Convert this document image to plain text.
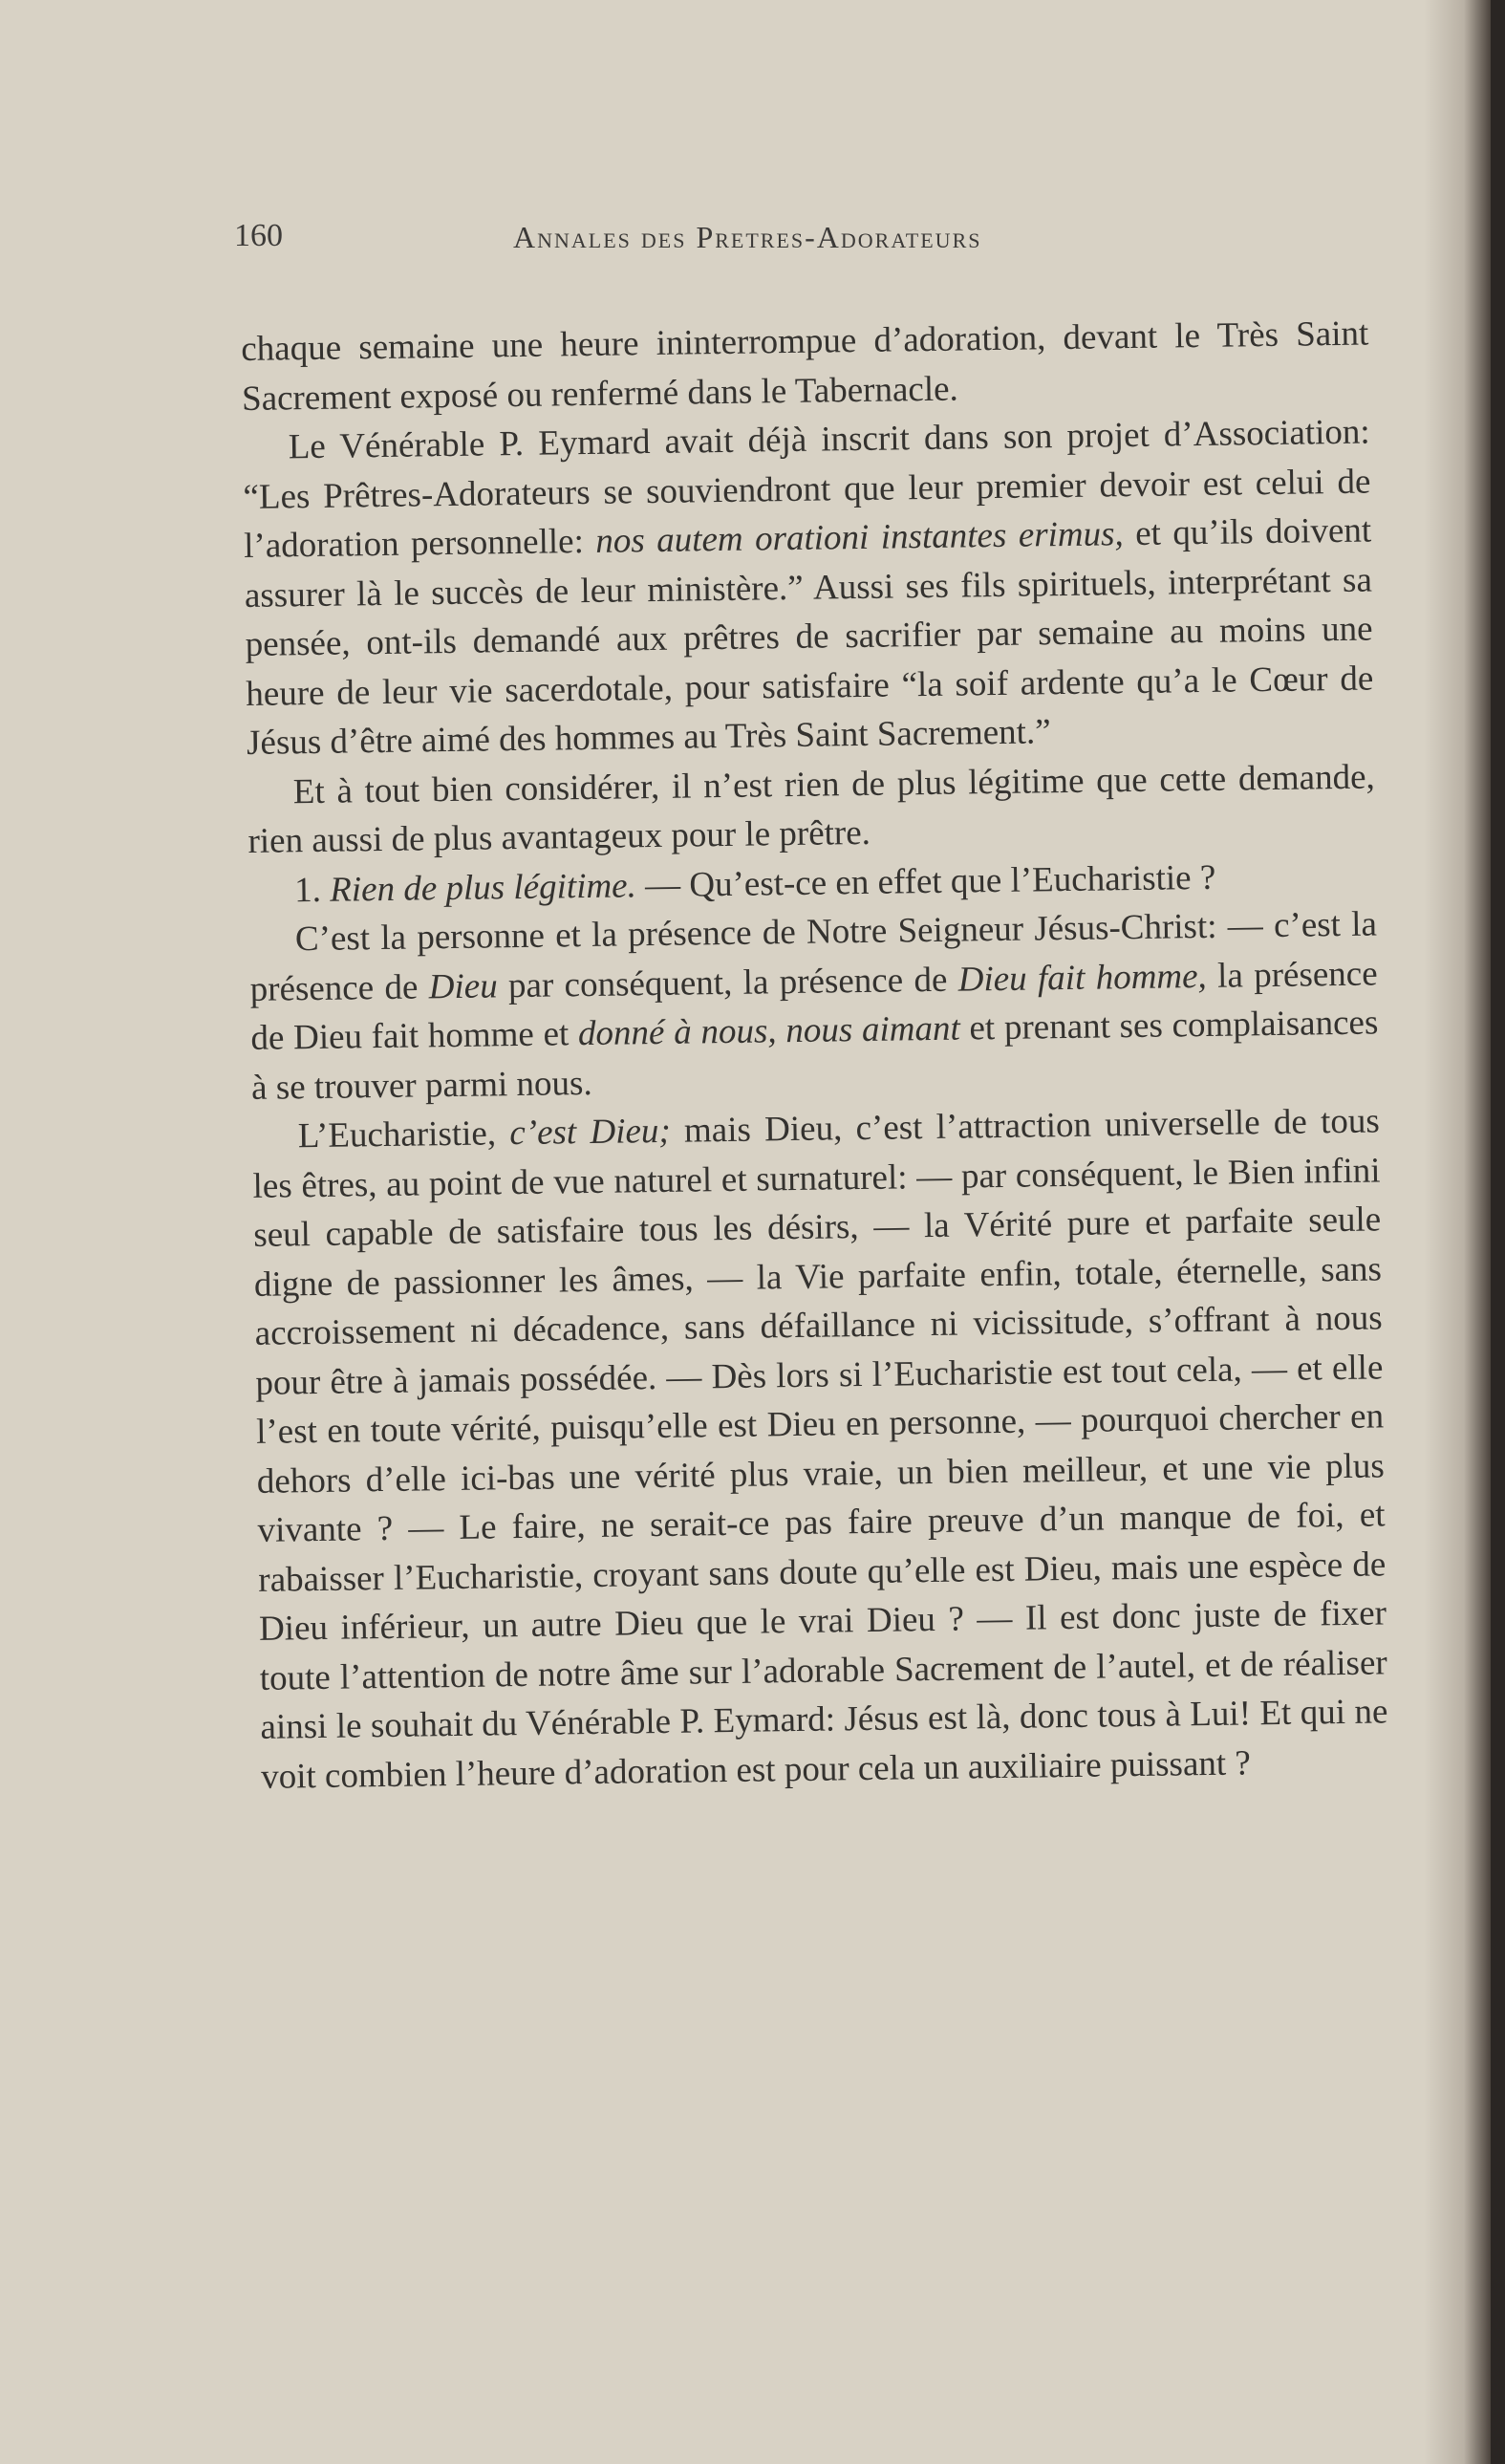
160	Annales des Pretres-Adorateurs

chaque semaine une heure ininterrompue d’adoration, devant le Très Saint Sacrement exposé ou renfermé dans le Tabernacle.

Le Vénérable P. Eymard avait déjà inscrit dans son projet d’Association: “Les Prêtres-Adorateurs se souviendront que leur premier devoir est celui de l’adoration personnelle: nos autem orationi instantes erimus, et qu’ils doivent assurer là le succès de leur ministère.” Aussi ses fils spirituels, interprétant sa pensée, ont-ils demandé aux prêtres de sacrifier par semaine au moins une heure de leur vie sacerdotale, pour satisfaire “la soif ardente qu’a le Cœur de Jésus d’être aimé des hommes au Très Saint Sacrement.”

Et à tout bien considérer, il n’est rien de plus légitime que cette demande, rien aussi de plus avantageux pour le prêtre.

1. Rien de plus légitime. — Qu’est-ce en effet que l’Eucharistie ?

C’est la personne et la présence de Notre Seigneur Jésus-Christ: — c’est la présence de Dieu par conséquent, la présence de Dieu fait homme, la présence de Dieu fait homme et donné à nous, nous aimant et prenant ses complaisances à se trouver parmi nous.

L’Eucharistie, c’est Dieu; mais Dieu, c’est l’attraction universelle de tous les êtres, au point de vue naturel et surnaturel: — par conséquent, le Bien infini seul capable de satisfaire tous les désirs, — la Vérité pure et parfaite seule digne de passionner les âmes, — la Vie parfaite enfin, totale, éternelle, sans accroissement ni décadence, sans défaillance ni vicissitude, s’offrant à nous pour être à jamais possédée. — Dès lors si l’Eucharistie est tout cela, — et elle l’est en toute vérité, puisqu’elle est Dieu en personne, — pourquoi chercher en dehors d’elle ici-bas une vérité plus vraie, un bien meilleur, et une vie plus vivante ? — Le faire, ne serait-ce pas faire preuve d’un manque de foi, et rabaisser l’Eucharistie, croyant sans doute qu’elle est Dieu, mais une espèce de Dieu inférieur, un autre Dieu que le vrai Dieu ? — Il est donc juste de fixer toute l’attention de notre âme sur l’adorable Sacrement de l’autel, et de réaliser ainsi le souhait du Vénérable P. Eymard: Jésus est là, donc tous à Lui! Et qui ne voit combien l’heure d’adoration est pour cela un auxiliaire puissant ?
